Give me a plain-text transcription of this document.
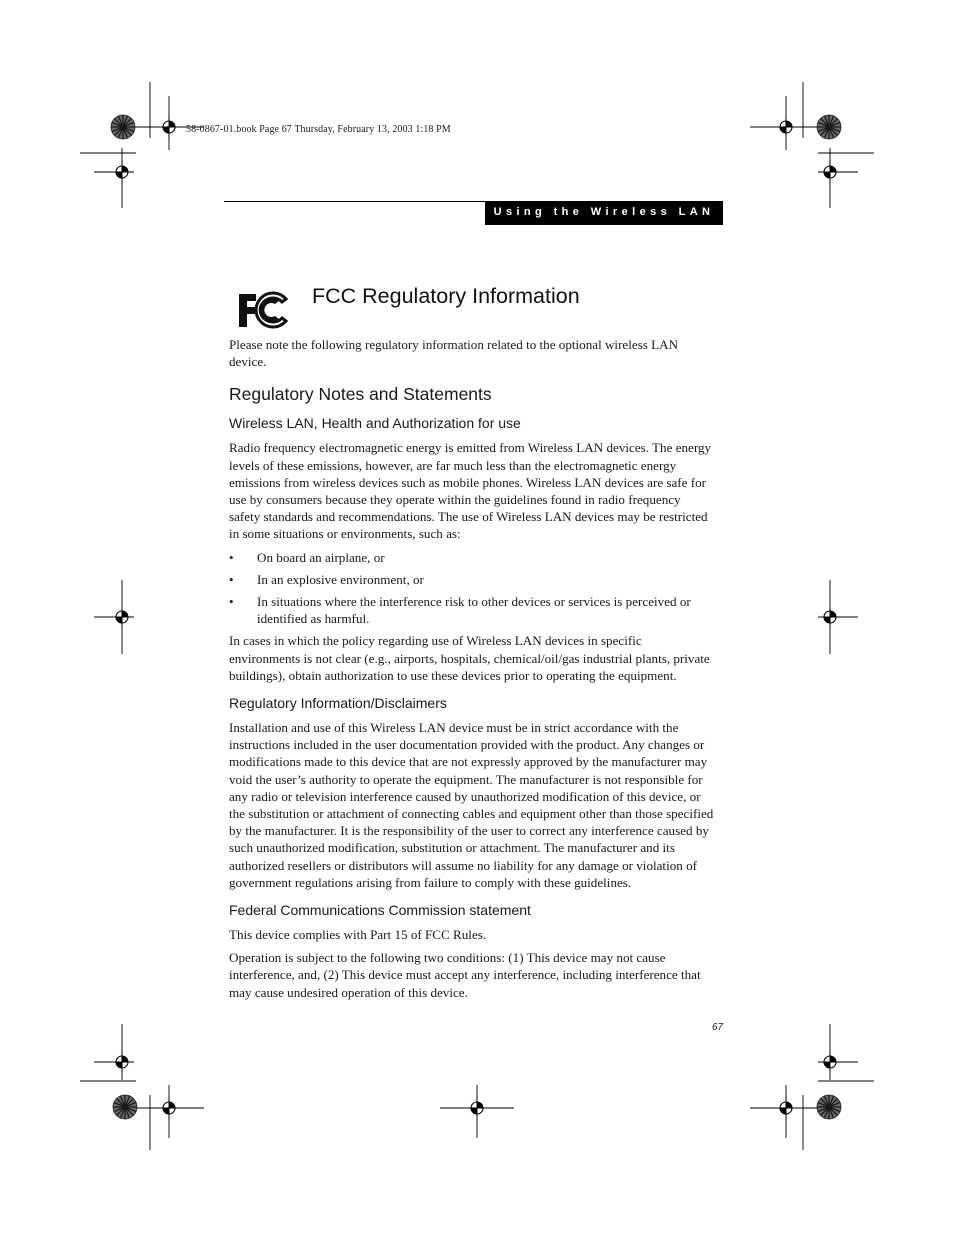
58-0867-01.book Page 67 Thursday, February 13, 2003 1:18 PM
Using the Wireless LAN
FCC Regulatory Information

Please note the following regulatory information related to the optional wireless LAN device.

Regulatory Notes and Statements
Wireless LAN, Health and Authorization for use

Radio frequency electromagnetic energy is emitted from Wireless LAN devices. The energy levels of these emissions, however, are far much less than the electromagnetic energy emissions from wireless devices such as mobile phones. Wireless LAN devices are safe for use by consumers because they operate within the guidelines found in radio frequency safety standards and recommendations. The use of Wireless LAN devices may be restricted in some situations or environments, such as:

• On board an airplane, or
• In an explosive environment, or
• In situations where the interference risk to other devices or services is perceived or identified as harmful.

In cases in which the policy regarding use of Wireless LAN devices in specific environments is not clear (e.g., airports, hospitals, chemical/oil/gas industrial plants, private buildings), obtain authorization to use these devices prior to operating the equipment.

Regulatory Information/Disclaimers

Installation and use of this Wireless LAN device must be in strict accordance with the instructions included in the user documentation provided with the product. Any changes or modifications made to this device that are not expressly approved by the manufacturer may void the user’s authority to operate the equipment. The manufacturer is not responsible for any radio or television interference caused by unauthorized modification of this device, or the substitution or attachment of connecting cables and equipment other than those specified by the manufacturer. It is the responsibility of the user to correct any interference caused by such unauthorized modification, substitution or attachment. The manufacturer and its authorized resellers or distributors will assume no liability for any damage or violation of government regulations arising from failure to comply with these guidelines.

Federal Communications Commission statement

This device complies with Part 15 of FCC Rules.

Operation is subject to the following two conditions: (1) This device may not cause interference, and, (2) This device must accept any interference, including interference that may cause undesired operation of this device.

67
